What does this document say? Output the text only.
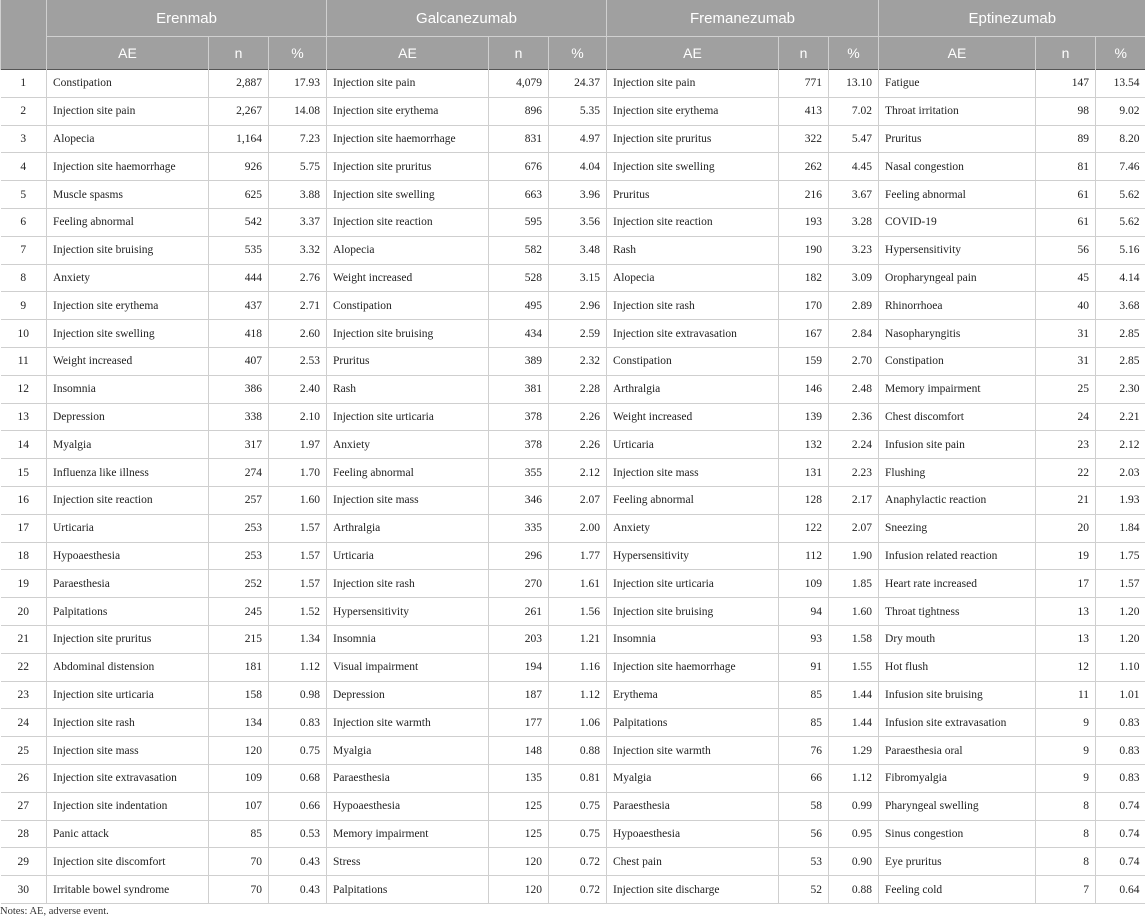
	Erenmab			Galcanezumab			Fremanezumab			Eptinezumab		
	AE	n	%	AE	n	%	AE	n	%	AE	n	%
1	Constipation	2,887	17.93	Injection site pain	4,079	24.37	Injection site pain	771	13.10	Fatigue	147	13.54
2	Injection site pain	2,267	14.08	Injection site erythema	896	5.35	Injection site erythema	413	7.02	Throat irritation	98	9.02
3	Alopecia	1,164	7.23	Injection site haemorrhage	831	4.97	Injection site pruritus	322	5.47	Pruritus	89	8.20
4	Injection site haemorrhage	926	5.75	Injection site pruritus	676	4.04	Injection site swelling	262	4.45	Nasal congestion	81	7.46
5	Muscle spasms	625	3.88	Injection site swelling	663	3.96	Pruritus	216	3.67	Feeling abnormal	61	5.62
6	Feeling abnormal	542	3.37	Injection site reaction	595	3.56	Injection site reaction	193	3.28	COVID-19	61	5.62
7	Injection site bruising	535	3.32	Alopecia	582	3.48	Rash	190	3.23	Hypersensitivity	56	5.16
8	Anxiety	444	2.76	Weight increased	528	3.15	Alopecia	182	3.09	Oropharyngeal pain	45	4.14
9	Injection site erythema	437	2.71	Constipation	495	2.96	Injection site rash	170	2.89	Rhinorrhoea	40	3.68
10	Injection site swelling	418	2.60	Injection site bruising	434	2.59	Injection site extravasation	167	2.84	Nasopharyngitis	31	2.85
11	Weight increased	407	2.53	Pruritus	389	2.32	Constipation	159	2.70	Constipation	31	2.85
12	Insomnia	386	2.40	Rash	381	2.28	Arthralgia	146	2.48	Memory impairment	25	2.30
13	Depression	338	2.10	Injection site urticaria	378	2.26	Weight increased	139	2.36	Chest discomfort	24	2.21
14	Myalgia	317	1.97	Anxiety	378	2.26	Urticaria	132	2.24	Infusion site pain	23	2.12
15	Influenza like illness	274	1.70	Feeling abnormal	355	2.12	Injection site mass	131	2.23	Flushing	22	2.03
16	Injection site reaction	257	1.60	Injection site mass	346	2.07	Feeling abnormal	128	2.17	Anaphylactic reaction	21	1.93
17	Urticaria	253	1.57	Arthralgia	335	2.00	Anxiety	122	2.07	Sneezing	20	1.84
18	Hypoaesthesia	253	1.57	Urticaria	296	1.77	Hypersensitivity	112	1.90	Infusion related reaction	19	1.75
19	Paraesthesia	252	1.57	Injection site rash	270	1.61	Injection site urticaria	109	1.85	Heart rate increased	17	1.57
20	Palpitations	245	1.52	Hypersensitivity	261	1.56	Injection site bruising	94	1.60	Throat tightness	13	1.20
21	Injection site pruritus	215	1.34	Insomnia	203	1.21	Insomnia	93	1.58	Dry mouth	13	1.20
22	Abdominal distension	181	1.12	Visual impairment	194	1.16	Injection site haemorrhage	91	1.55	Hot flush	12	1.10
23	Injection site urticaria	158	0.98	Depression	187	1.12	Erythema	85	1.44	Infusion site bruising	11	1.01
24	Injection site rash	134	0.83	Injection site warmth	177	1.06	Palpitations	85	1.44	Infusion site extravasation	9	0.83
25	Injection site mass	120	0.75	Myalgia	148	0.88	Injection site warmth	76	1.29	Paraesthesia oral	9	0.83
26	Injection site extravasation	109	0.68	Paraesthesia	135	0.81	Myalgia	66	1.12	Fibromyalgia	9	0.83
27	Injection site indentation	107	0.66	Hypoaesthesia	125	0.75	Paraesthesia	58	0.99	Pharyngeal swelling	8	0.74
28	Panic attack	85	0.53	Memory impairment	125	0.75	Hypoaesthesia	56	0.95	Sinus congestion	8	0.74
29	Injection site discomfort	70	0.43	Stress	120	0.72	Chest pain	53	0.90	Eye pruritus	8	0.74
30	Irritable bowel syndrome	70	0.43	Palpitations	120	0.72	Injection site discharge	52	0.88	Feeling cold	7	0.64
Notes: AE, adverse event.
